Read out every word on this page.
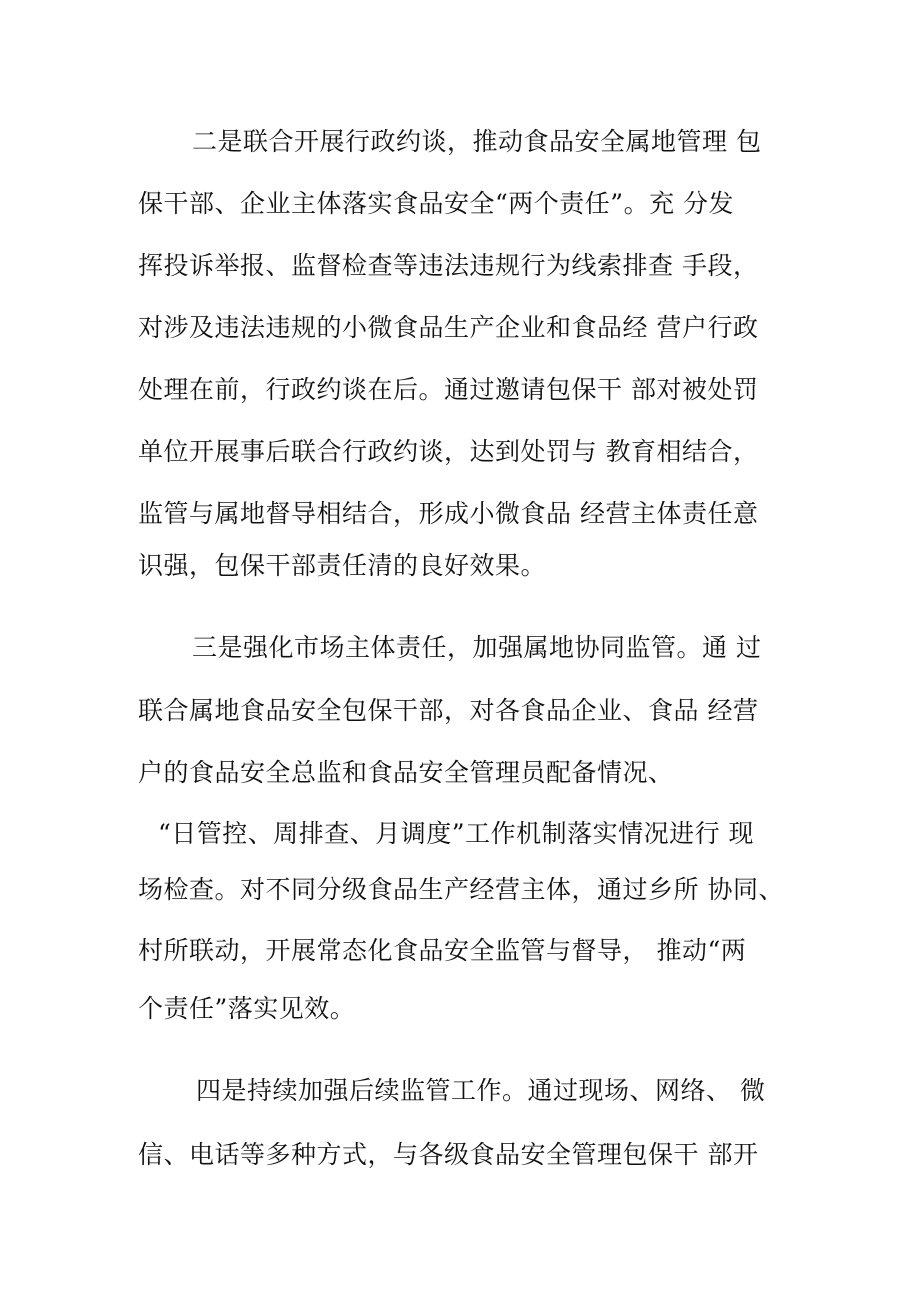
二是联合开展行政约谈，推动食品安全属地管理 包
保干部、企业主体落实食品安全“两个责任”。充 分发
挥投诉举报、监督检查等违法违规行为线索排查 手段，
对涉及违法违规的小微食品生产企业和食品经 营户行政
处理在前，行政约谈在后。通过邀请包保干 部对被处罚
单位开展事后联合行政约谈，达到处罚与 教育相结合，
监管与属地督导相结合，形成小微食品 经营主体责任意
识强，包保干部责任清的良好效果。
三是强化市场主体责任，加强属地协同监管。通 过
联合属地食品安全包保干部，对各食品企业、食品 经营
户的食品安全总监和食品安全管理员配备情况、
“日管控、周排查、月调度”工作机制落实情况进行 现
场检查。对不同分级食品生产经营主体，通过乡所 协同、
村所联动，开展常态化食品安全监管与督导， 推动“两
个责任”落实见效。
四是持续加强后续监管工作。通过现场、网络、 微
信、电话等多种方式，与各级食品安全管理包保干 部开
